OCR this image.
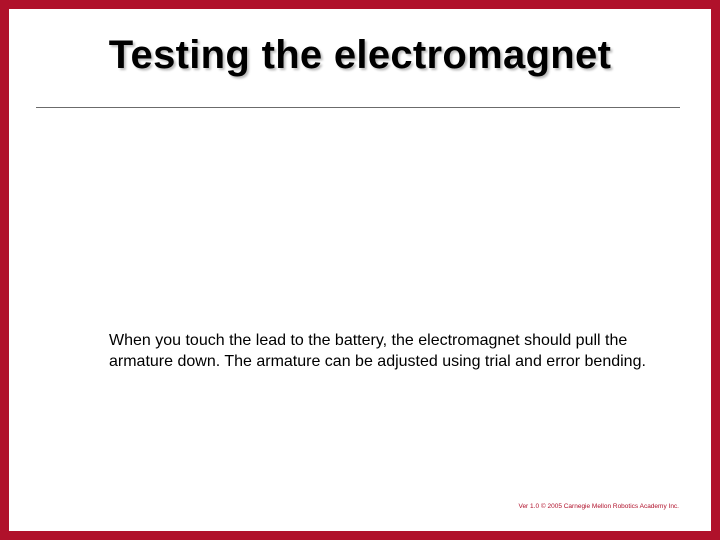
Testing the electromagnet

When you touch the lead to the battery, the electromagnet should pull the armature down. The armature can be adjusted using trial and error bending.

Ver 1.0 © 2005 Carnegie Mellon Robotics Academy Inc.
